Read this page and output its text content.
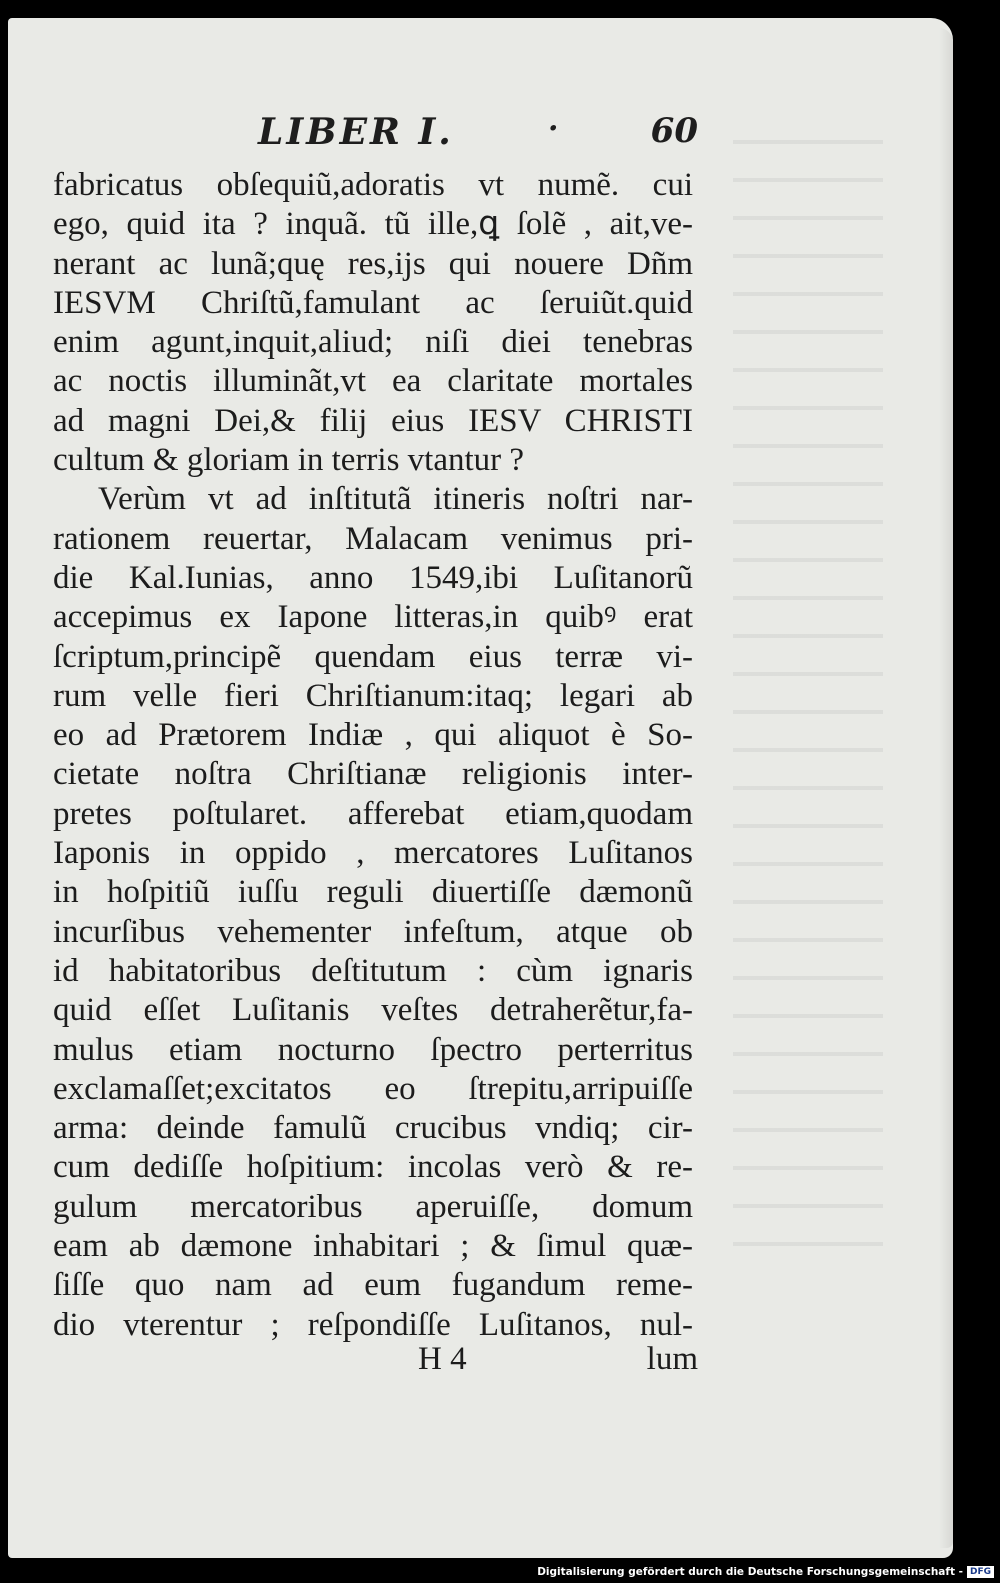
LIBER I.	·	60
fabricatus obſequiũ,adoratis vt numẽ. cui
ego, quid ita ? inquã. tũ ille,ꝗ ſolẽ , ait,ve-
nerant ac lunã;quę res,ijs qui nouere Dñm
IESVM Chriſtũ,famulant ac ſeruiũt.quid
enim agunt,inquit,aliud; niſi diei tenebras
ac noctis illuminãt,vt ea claritate mortales
ad magni Dei,& filij eius IESV CHRISTI
cultum & gloriam in terris vtantur ?
Verùm vt ad inſtitutã itineris noſtri nar-
rationem reuertar, Malacam venimus pri-
die Kal.Iunias, anno 1549,ibi Luſitanorũ
accepimus ex Iapone litteras,in quibꝰ erat
ſcriptum,principẽ quendam eius terræ vi-
rum velle fieri Chriſtianum:itaq; legari ab
eo ad Prætorem Indiæ , qui aliquot è So-
cietate noſtra Chriſtianæ religionis inter-
pretes poſtularet. afferebat etiam,quodam
Iaponis in oppido , mercatores Luſitanos
in hoſpitiũ iuſſu reguli diuertiſſe dæmonũ
incurſibus vehementer infeſtum, atque ob
id habitatoribus deſtitutum : cùm ignaris
quid eſſet Luſitanis veſtes detraherẽtur,fa-
mulus etiam nocturno ſpectro perterritus
exclamaſſet;excitatos eo ſtrepitu,arripuiſſe
arma: deinde famulũ crucibus vndiq; cir-
cum dediſſe hoſpitium: incolas verò & re-
gulum mercatoribus aperuiſſe, domum
eam ab dæmone inhabitari ; & ſimul quæ-
ſiſſe quo nam ad eum fugandum reme-
dio vterentur ; reſpondiſſe Luſitanos, nul-
H 4	lum
Digitalisierung gefördert durch die Deutsche Forschungsgemeinschaft - DFG
